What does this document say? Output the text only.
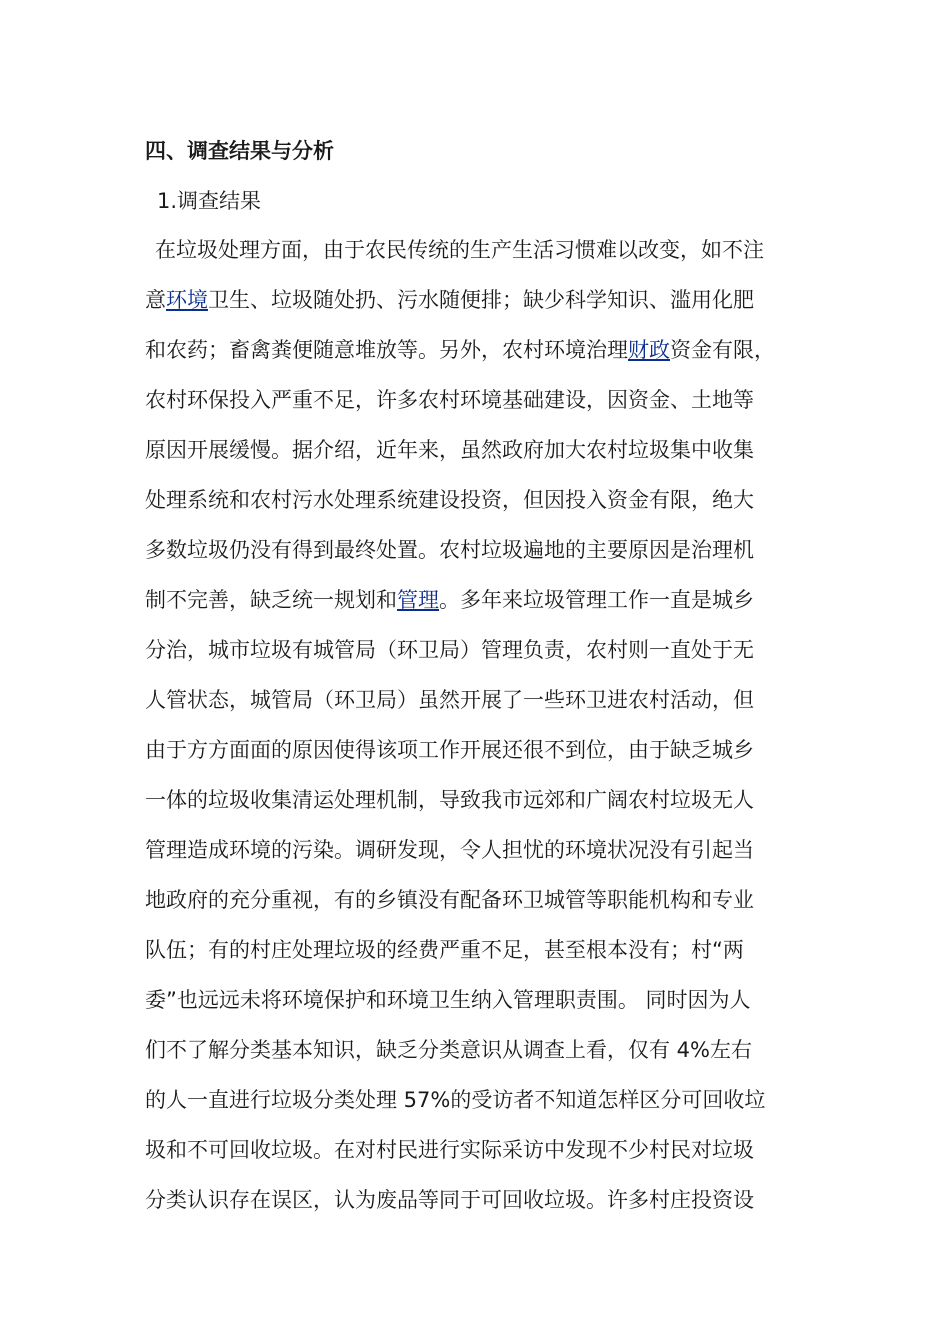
四、调查结果与分析
1.调查结果
在垃圾处理方面，由于农民传统的生产生活习惯难以改变，如不注
意环境卫生、垃圾随处扔、污水随便排；缺少科学知识、滥用化肥
和农药；畜禽粪便随意堆放等。另外，农村环境治理财政资金有限，
农村环保投入严重不足，许多农村环境基础建设，因资金、土地等
原因开展缓慢。据介绍，近年来，虽然政府加大农村垃圾集中收集
处理系统和农村污水处理系统建设投资，但因投入资金有限，绝大
多数垃圾仍没有得到最终处置。农村垃圾遍地的主要原因是治理机
制不完善，缺乏统一规划和管理。多年来垃圾管理工作一直是城乡
分治，城市垃圾有城管局（环卫局）管理负责，农村则一直处于无
人管状态，城管局（环卫局）虽然开展了一些环卫进农村活动，但
由于方方面面的原因使得该项工作开展还很不到位，由于缺乏城乡
一体的垃圾收集清运处理机制，导致我市远郊和广阔农村垃圾无人
管理造成环境的污染。调研发现，令人担忧的环境状况没有引起当
地政府的充分重视，有的乡镇没有配备环卫城管等职能机构和专业
队伍；有的村庄处理垃圾的经费严重不足，甚至根本没有；村“两
委”也远远未将环境保护和环境卫生纳入管理职责围。 同时因为人
们不了解分类基本知识，缺乏分类意识从调查上看，仅有 4%左右
的人一直进行垃圾分类处理 57%的受访者不知道怎样区分可回收垃
圾和不可回收垃圾。在对村民进行实际采访中发现不少村民对垃圾
分类认识存在误区，认为废品等同于可回收垃圾。许多村庄投资设
